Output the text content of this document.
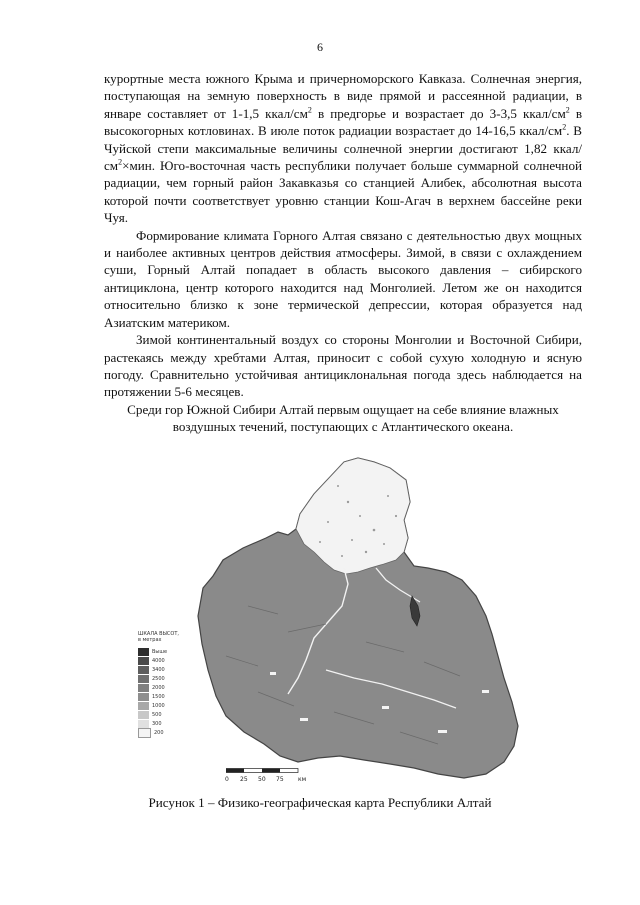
6

курортные места южного Крыма и причерноморского Кавказа. Солнечная энергия, поступающая на земную поверхность в виде прямой и рассеянной радиации, в январе составляет от 1-1,5 ккал/$см^2$ в предгорье и возрастает до 3-3,5 ккал/$см^2$ в высокогорных котловинах. В июле поток радиации возрастает до 14-16,5 ккал/$см^2$. В Чуйской степи максимальные величины солнечной энергии достигают 1,82 ккал/$см^2\times мин$. Юго-восточная часть республики получает больше суммарной солнечной радиации, чем горный район Закавказья со станцией Алибек, абсолютная высота которой почти соответствует уровню станции Кош-Агач в верхнем бассейне реки Чуя.

Формирование климата Горного Алтая связано с деятельностью двух мощных и наиболее активных центров действия атмосферы. Зимой, в связи с охлаждением суши, Горный Алтай попадает в область высокого давления – сибирского антициклона, центр которого находится над Монголией. Летом же он находится относительно близко к зоне термической депрессии, которая образуется над Азиатским материком.

Зимой континентальный воздух со стороны Монголии и Восточной Сибири, растекаясь между хребтами Алтая, приносит с собой сухую холодную и ясную погоду. Сравнительно устойчивая антициклональная погода здесь наблюдается на протяжении 5-6 месяцев.

Среди гор Южной Сибири Алтай первым ощущает на себе влияние влажных воздушных течений, поступающих с Атлантического океана.

ШКАЛА ВЫСОТ, в метрах
Выше
4000
3400
2500
2000
1500
1000
500
300
200
0 25 50 75 км
Рисунок 1 – Физико-географическая карта Республики Алтай
